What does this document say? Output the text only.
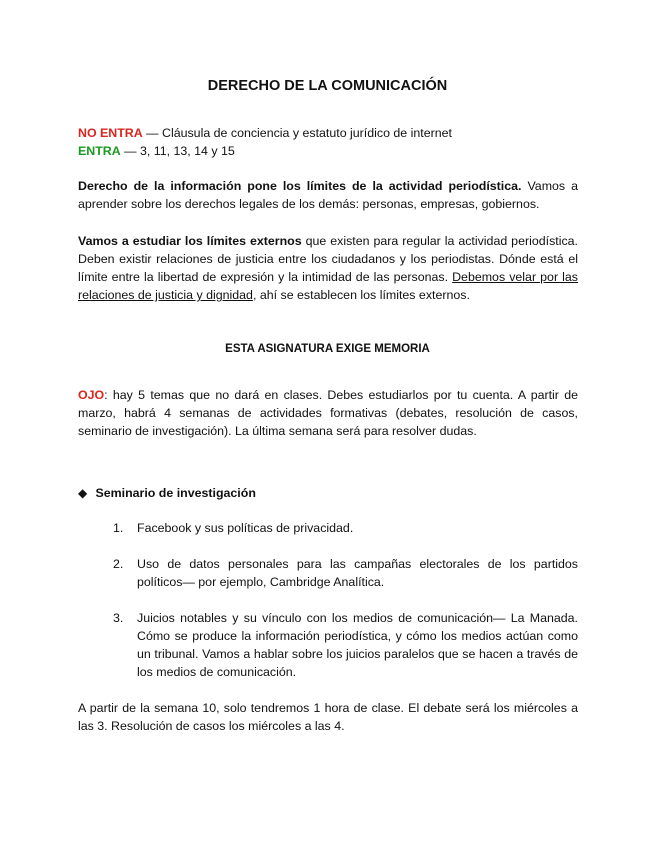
DERECHO DE LA COMUNICACIÓN
NO ENTRA — Cláusula de conciencia y estatuto jurídico de internet
ENTRA — 3, 11, 13, 14 y 15
Derecho de la información pone los límites de la actividad periodística. Vamos a aprender sobre los derechos legales de los demás: personas, empresas, gobiernos.
Vamos a estudiar los límites externos que existen para regular la actividad periodística. Deben existir relaciones de justicia entre los ciudadanos y los periodistas. Dónde está el límite entre la libertad de expresión y la intimidad de las personas. Debemos velar por las relaciones de justicia y dignidad, ahí se establecen los límites externos.
ESTA ASIGNATURA EXIGE MEMORIA
OJO: hay 5 temas que no dará en clases. Debes estudiarlos por tu cuenta. A partir de marzo, habrá 4 semanas de actividades formativas (debates, resolución de casos, seminario de investigación). La última semana será para resolver dudas.
◆ Seminario de investigación
1. Facebook y sus políticas de privacidad.
2. Uso de datos personales para las campañas electorales de los partidos políticos— por ejemplo, Cambridge Analítica.
3. Juicios notables y su vínculo con los medios de comunicación— La Manada. Cómo se produce la información periodística, y cómo los medios actúan como un tribunal. Vamos a hablar sobre los juicios paralelos que se hacen a través de los medios de comunicación.
A partir de la semana 10, solo tendremos 1 hora de clase. El debate será los miércoles a las 3. Resolución de casos los miércoles a las 4.
